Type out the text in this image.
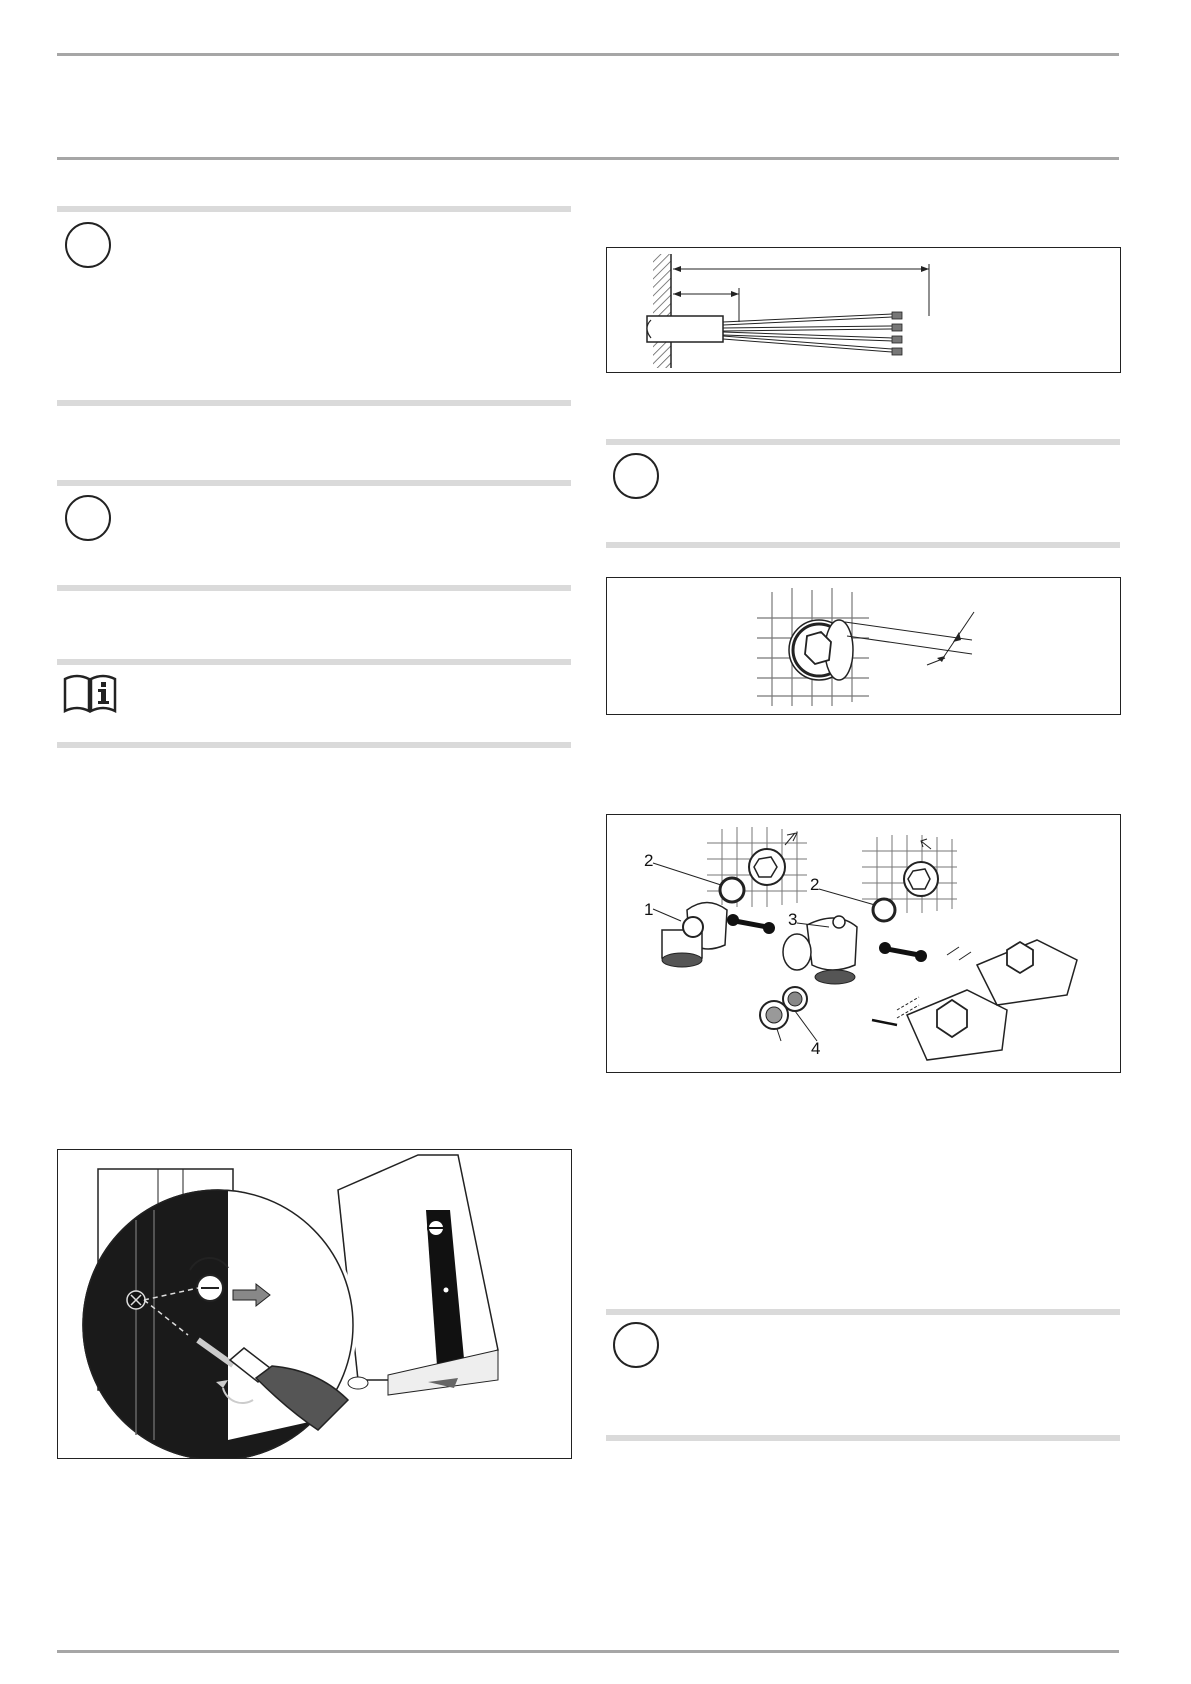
1
2
2
3
4
